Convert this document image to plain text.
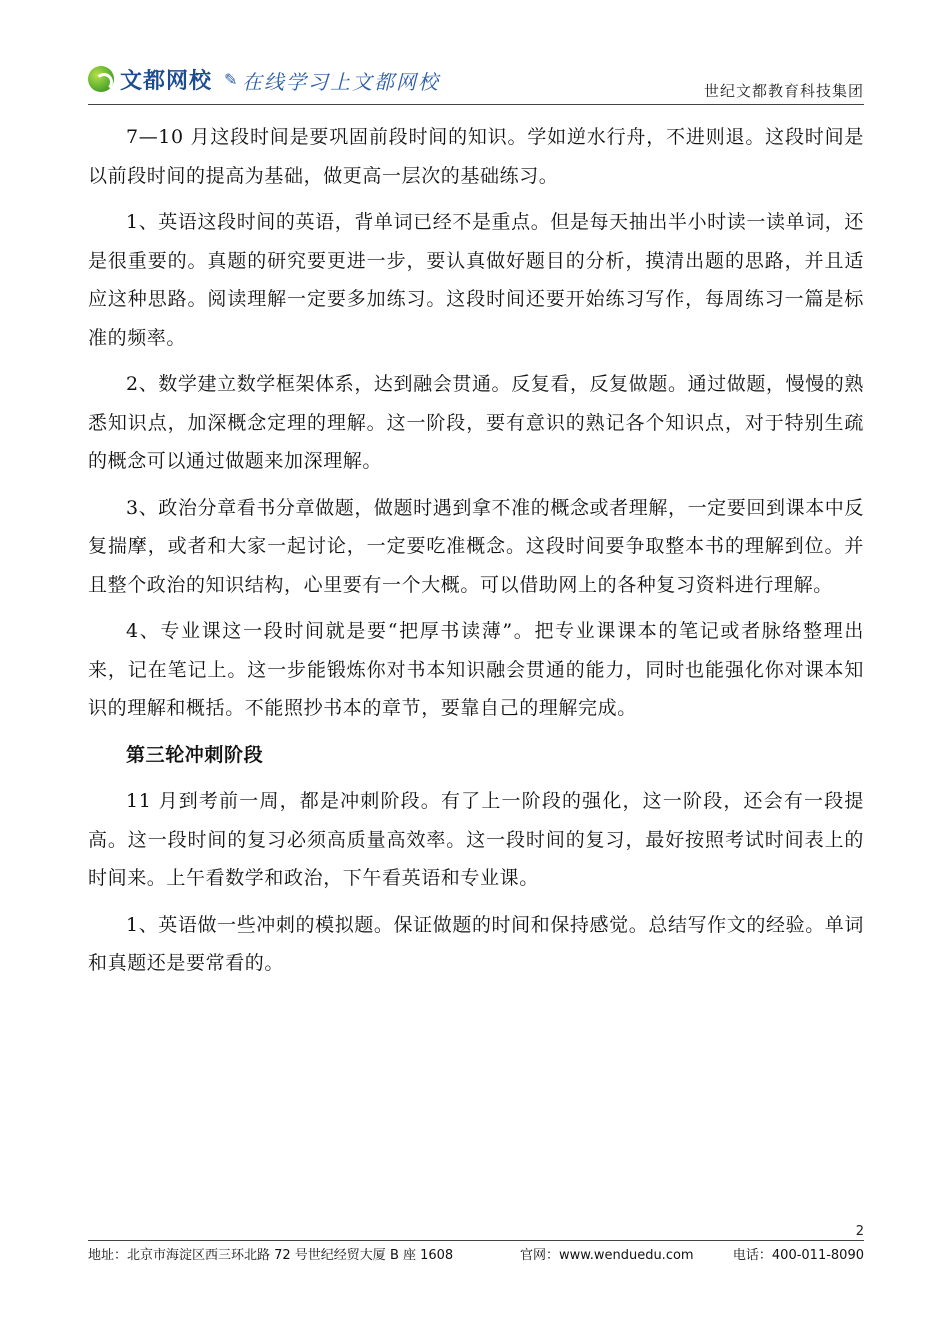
文都网校 ✎ 在线学习上文都网校	世纪文都教育科技集团

7—10 月这段时间是要巩固前段时间的知识。学如逆水行舟，不进则退。这段时间是以前段时间的提高为基础，做更高一层次的基础练习。

1、英语这段时间的英语，背单词已经不是重点。但是每天抽出半小时读一读单词，还是很重要的。真题的研究要更进一步，要认真做好题目的分析，摸清出题的思路，并且适应这种思路。阅读理解一定要多加练习。这段时间还要开始练习写作，每周练习一篇是标准的频率。

2、数学建立数学框架体系，达到融会贯通。反复看，反复做题。通过做题，慢慢的熟悉知识点，加深概念定理的理解。这一阶段，要有意识的熟记各个知识点，对于特别生疏的概念可以通过做题来加深理解。

3、政治分章看书分章做题，做题时遇到拿不准的概念或者理解，一定要回到课本中反复揣摩，或者和大家一起讨论，一定要吃准概念。这段时间要争取整本书的理解到位。并且整个政治的知识结构，心里要有一个大概。可以借助网上的各种复习资料进行理解。

4、专业课这一段时间就是要“把厚书读薄”。把专业课课本的笔记或者脉络整理出来，记在笔记上。这一步能锻炼你对书本知识融会贯通的能力，同时也能强化你对课本知识的理解和概括。不能照抄书本的章节，要靠自己的理解完成。

第三轮冲刺阶段

11 月到考前一周，都是冲刺阶段。有了上一阶段的强化，这一阶段，还会有一段提高。这一段时间的复习必须高质量高效率。这一段时间的复习，最好按照考试时间表上的时间来。上午看数学和政治，下午看英语和专业课。

1、英语做一些冲刺的模拟题。保证做题的时间和保持感觉。总结写作文的经验。单词和真题还是要常看的。

2
地址：北京市海淀区西三环北路 72 号世纪经贸大厦 B 座 1608	官网：www.wenduedu.com	电话：400-011-8090
